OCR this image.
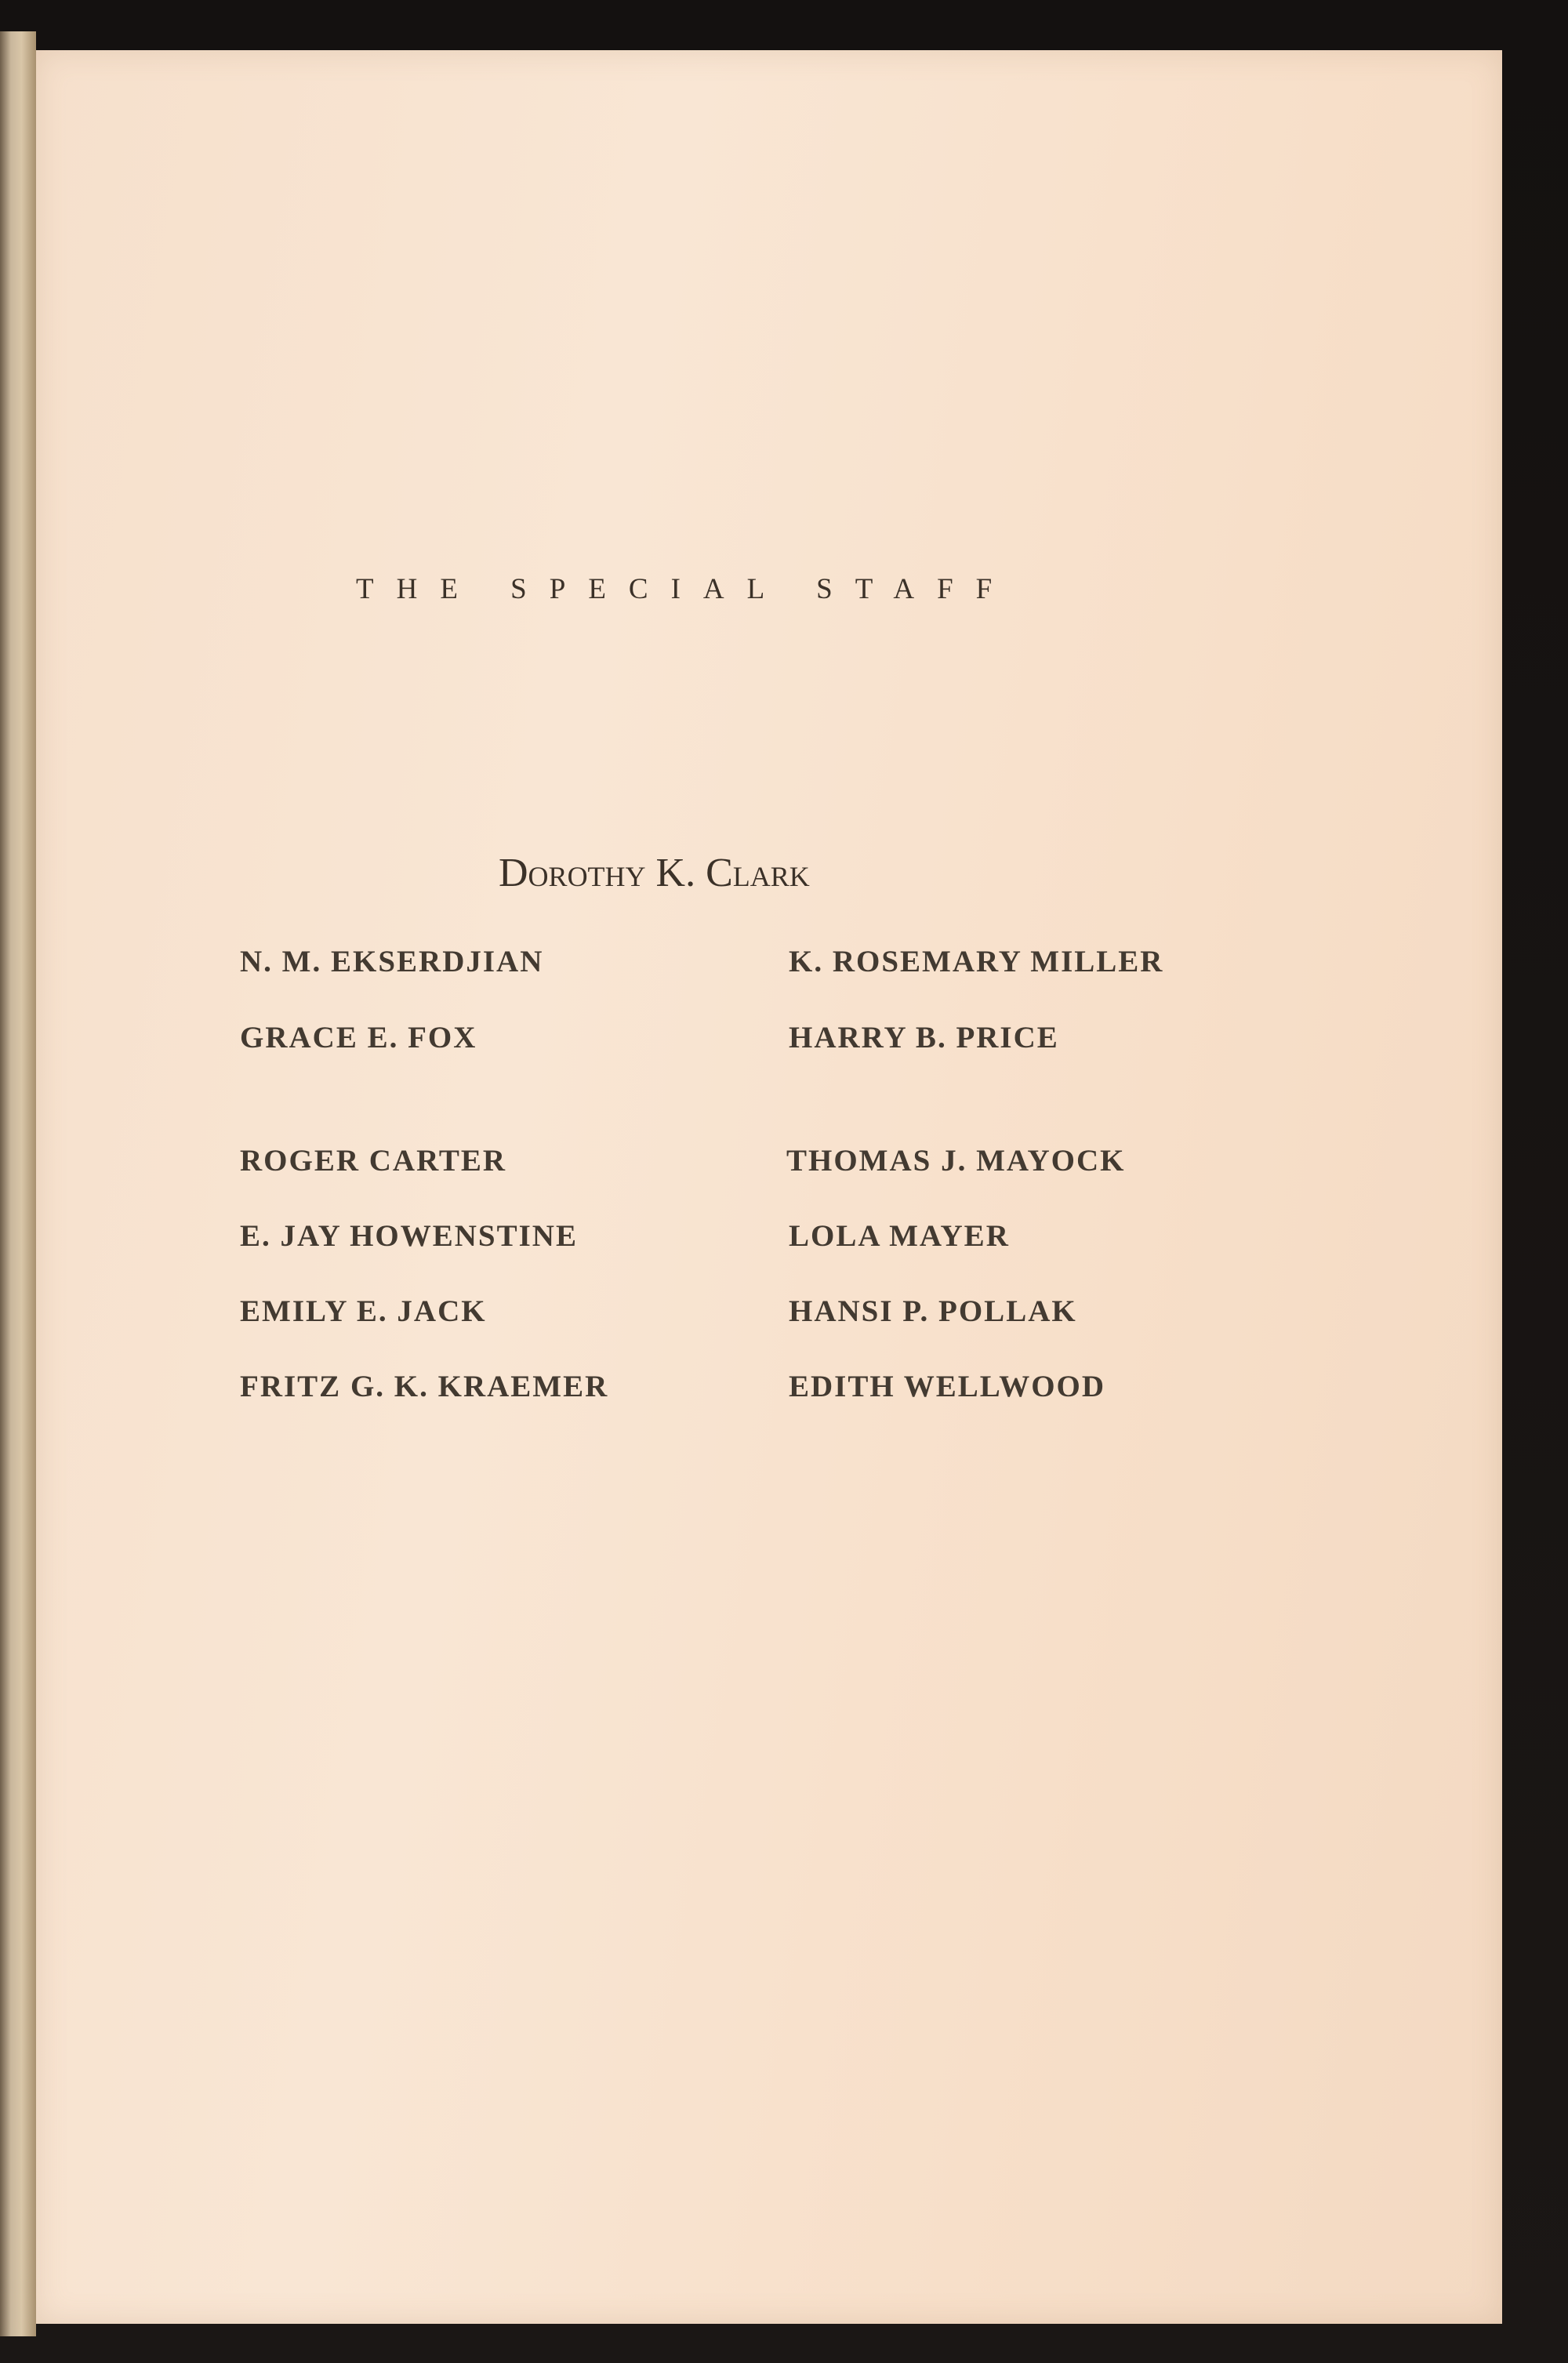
THE SPECIAL STAFF
Dorothy K. Clark
N. M. EKSERDJIAN
GRACE E. FOX
K. ROSEMARY MILLER
HARRY B. PRICE
ROGER CARTER
E. JAY HOWENSTINE
EMILY E. JACK
FRITZ G. K. KRAEMER
THOMAS J. MAYOCK
LOLA MAYER
HANSI P. POLLAK
EDITH WELLWOOD
